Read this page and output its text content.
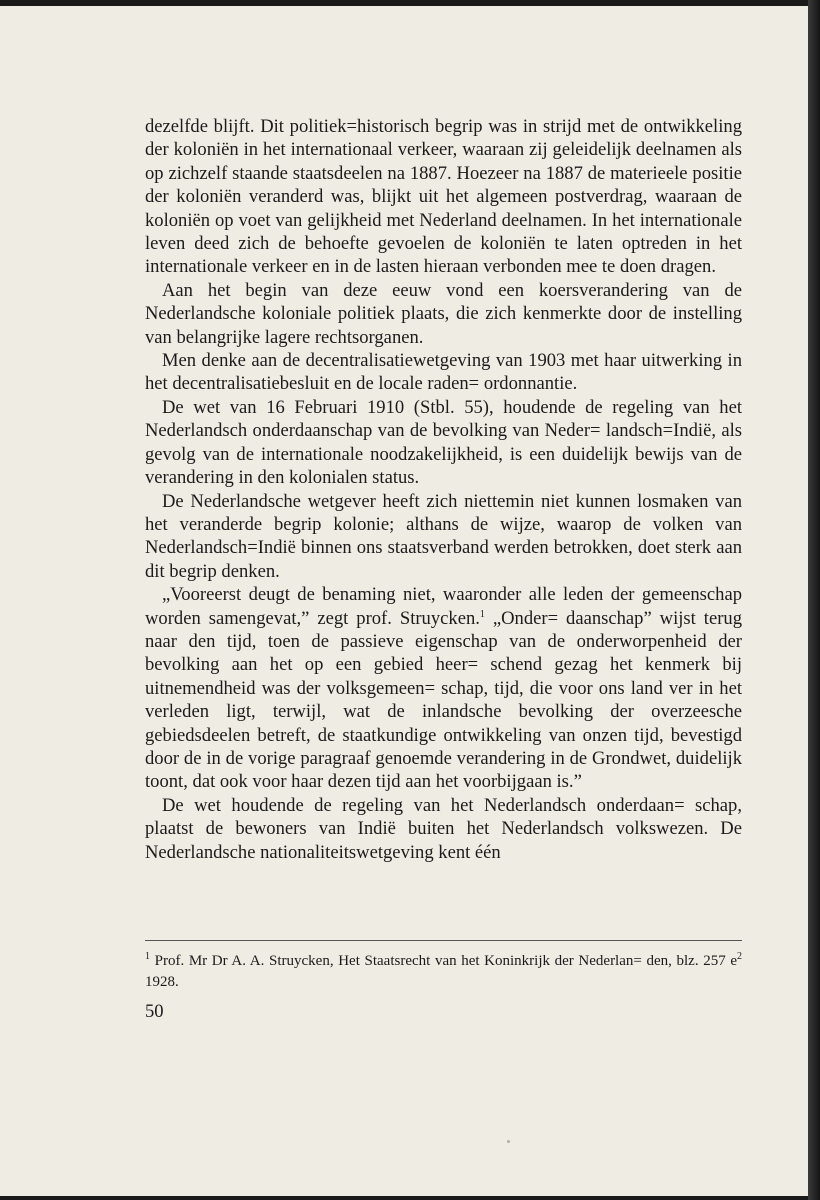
dezelfde blijft. Dit politiek=historisch begrip was in strijd met de ontwikkeling der koloniën in het internationaal verkeer, waaraan zij geleidelijk deelnamen als op zichzelf staande staatsdeelen na 1887. Hoezeer na 1887 de materieele positie der koloniën veranderd was, blijkt uit het algemeen postverdrag, waaraan de koloniën op voet van gelijkheid met Nederland deelnamen. In het internationale leven deed zich de behoefte gevoelen de koloniën te laten optreden in het internationale verkeer en in de lasten hieraan verbonden mee te doen dragen.

Aan het begin van deze eeuw vond een koersverandering van de Nederlandsche koloniale politiek plaats, die zich kenmerkte door de instelling van belangrijke lagere rechtsorganen.

Men denke aan de decentralisatiewetgeving van 1903 met haar uitwerking in het decentralisatiebesluit en de locale raden= ordonnantie.

De wet van 16 Februari 1910 (Stbl. 55), houdende de regeling van het Nederlandsch onderdaanschap van de bevolking van Neder= landsch=Indië, als gevolg van de internationale noodzakelijkheid, is een duidelijk bewijs van de verandering in den kolonialen status.

De Nederlandsche wetgever heeft zich niettemin niet kunnen losmaken van het veranderde begrip kolonie; althans de wijze, waarop de volken van Nederlandsch=Indië binnen ons staatsverband werden betrokken, doet sterk aan dit begrip denken.

„Vooreerst deugt de benaming niet, waaronder alle leden der gemeenschap worden samengevat,” zegt prof. Struycken.$^1$ „Onder= daanschap” wijst terug naar den tijd, toen de passieve eigenschap van de onderworpenheid der bevolking aan het op een gebied heer= schend gezag het kenmerk bij uitnemendheid was der volksgemeen= schap, tijd, die voor ons land ver in het verleden ligt, terwijl, wat de inlandsche bevolking der overzeesche gebiedsdeelen betreft, de staatkundige ontwikkeling van onzen tijd, bevestigd door de in de vorige paragraaf genoemde verandering in de Grondwet, duidelijk toont, dat ook voor haar dezen tijd aan het voorbijgaan is.”

De wet houdende de regeling van het Nederlandsch onderdaan= schap, plaatst de bewoners van Indië buiten het Nederlandsch volkswezen. De Nederlandsche nationaliteitswetgeving kent één

$^1$ Prof. Mr Dr A. A. Struycken, Het Staatsrecht van het Koninkrijk der Nederlan= den, blz. 257 $e^2$ 1928.
50
